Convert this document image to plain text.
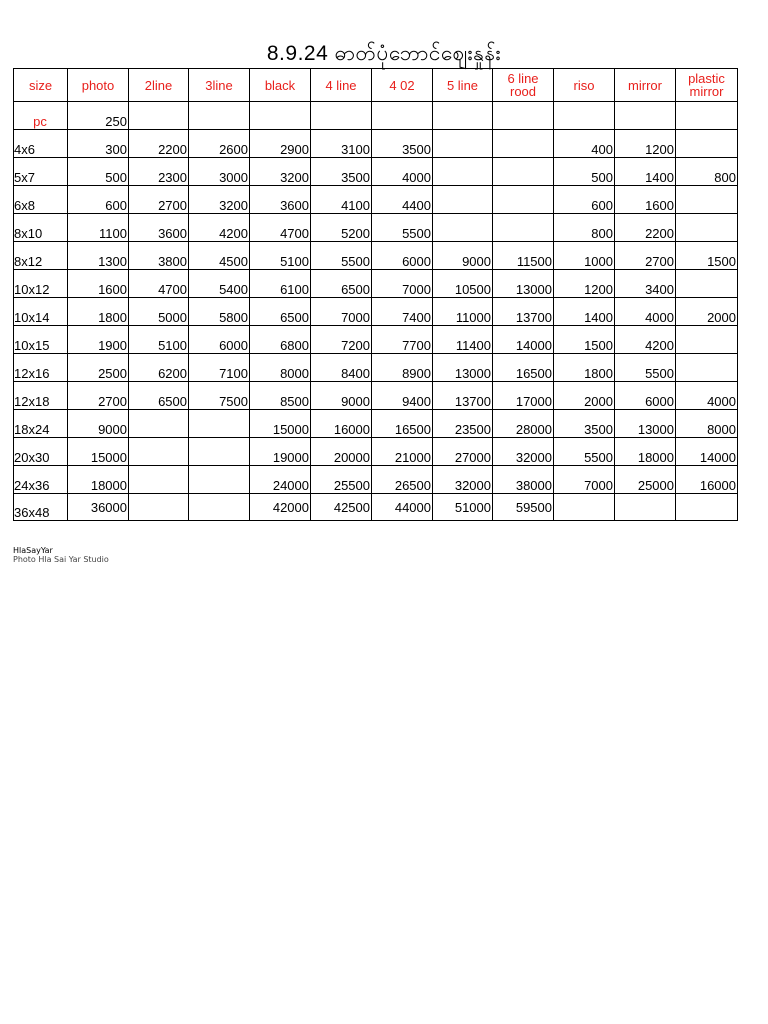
8.9.24 ဓာတ်ပုံဘောင်ဈေးနှုန်း
size	photo	2line	3line	black	4 line	4 02	5 line	6 line rood	riso	mirror	plastic mirror
pc	250										
4x6	300	2200	2600	2900	3100	3500			400	1200	
5x7	500	2300	3000	3200	3500	4000			500	1400	800
6x8	600	2700	3200	3600	4100	4400			600	1600	
8x10	1100	3600	4200	4700	5200	5500			800	2200	
8x12	1300	3800	4500	5100	5500	6000	9000	11500	1000	2700	1500
10x12	1600	4700	5400	6100	6500	7000	10500	13000	1200	3400	
10x14	1800	5000	5800	6500	7000	7400	11000	13700	1400	4000	2000
10x15	1900	5100	6000	6800	7200	7700	11400	14000	1500	4200	
12x16	2500	6200	7100	8000	8400	8900	13000	16500	1800	5500	
12x18	2700	6500	7500	8500	9000	9400	13700	17000	2000	6000	4000
18x24	9000			15000	16000	16500	23500	28000	3500	13000	8000
20x30	15000			19000	20000	21000	27000	32000	5500	18000	14000
24x36	18000			24000	25500	26500	32000	38000	7000	25000	16000
36x48	36000			42000	42500	44000	51000	59500			
HlaSayYar
Photo Hla Sai Yar Studio
